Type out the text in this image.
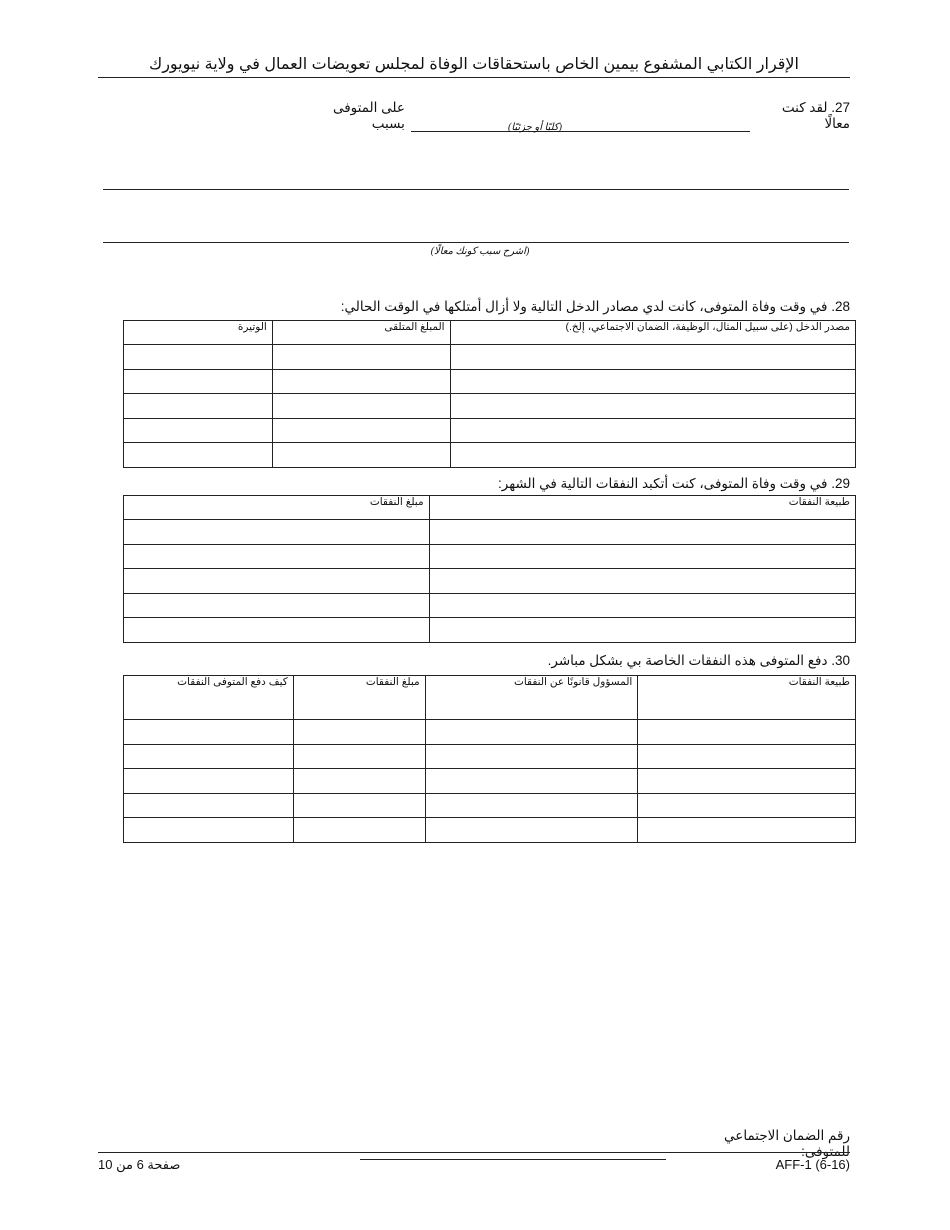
الإقرار الكتابي المشفوع بيمين الخاص باستحقاقات الوفاة لمجلس تعويضات العمال في ولاية نيويورك
27. لقد كنت معالًا
على المتوفى بسبب	(كليًا أو جزئيًا)
(اشرح سبب كونك معالًا)
28. في وقت وفاة المتوفى، كانت لدي مصادر الدخل التالية ولا أزال أمتلكها في الوقت الحالي:
مصدر الدخل (على سبيل المثال، الوظيفة، الضمان الاجتماعي، إلخ.)	المبلغ المتلقى	الوتيرة

29. في وقت وفاة المتوفى، كنت أتكبد النفقات التالية في الشهر:
طبيعة النفقات	مبلغ النفقات

30. دفع المتوفى هذه النفقات الخاصة بي بشكل مباشر.
طبيعة النفقات	المسؤول قانونًا عن النفقات	مبلغ النفقات	كيف دفع المتوفى النفقات

رقم الضمان الاجتماعي للمتوفى:
صفحة 6 من 10	AFF-1 (6-16)
